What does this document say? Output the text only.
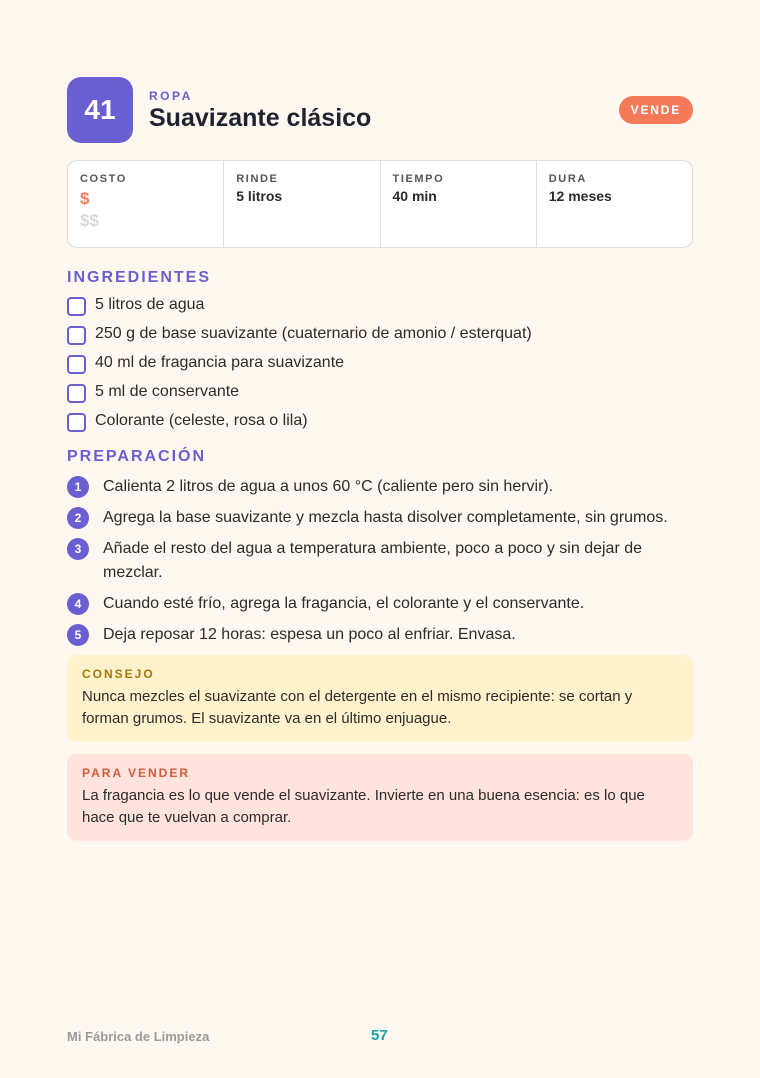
41	ROPA
Suavizante clásico	VENDE
COSTO
$
$$
RINDE
5 litros
TIEMPO
40 min
DURA
12 meses
INGREDIENTES
5 litros de agua
250 g de base suavizante (cuaternario de amonio / esterquat)
40 ml de fragancia para suavizante
5 ml de conservante
Colorante (celeste, rosa o lila)
PREPARACIÓN
1	Calienta 2 litros de agua a unos 60 °C (caliente pero sin hervir).
2	Agrega la base suavizante y mezcla hasta disolver completamente, sin grumos.
3	Añade el resto del agua a temperatura ambiente, poco a poco y sin dejar de mezclar.
4	Cuando esté frío, agrega la fragancia, el colorante y el conservante.
5	Deja reposar 12 horas: espesa un poco al enfriar. Envasa.
CONSEJO
Nunca mezcles el suavizante con el detergente en el mismo recipiente: se cortan y forman grumos. El suavizante va en el último enjuague.
PARA VENDER
La fragancia es lo que vende el suavizante. Invierte en una buena esencia: es lo que hace que te vuelvan a comprar.
Mi Fábrica de Limpieza	57
